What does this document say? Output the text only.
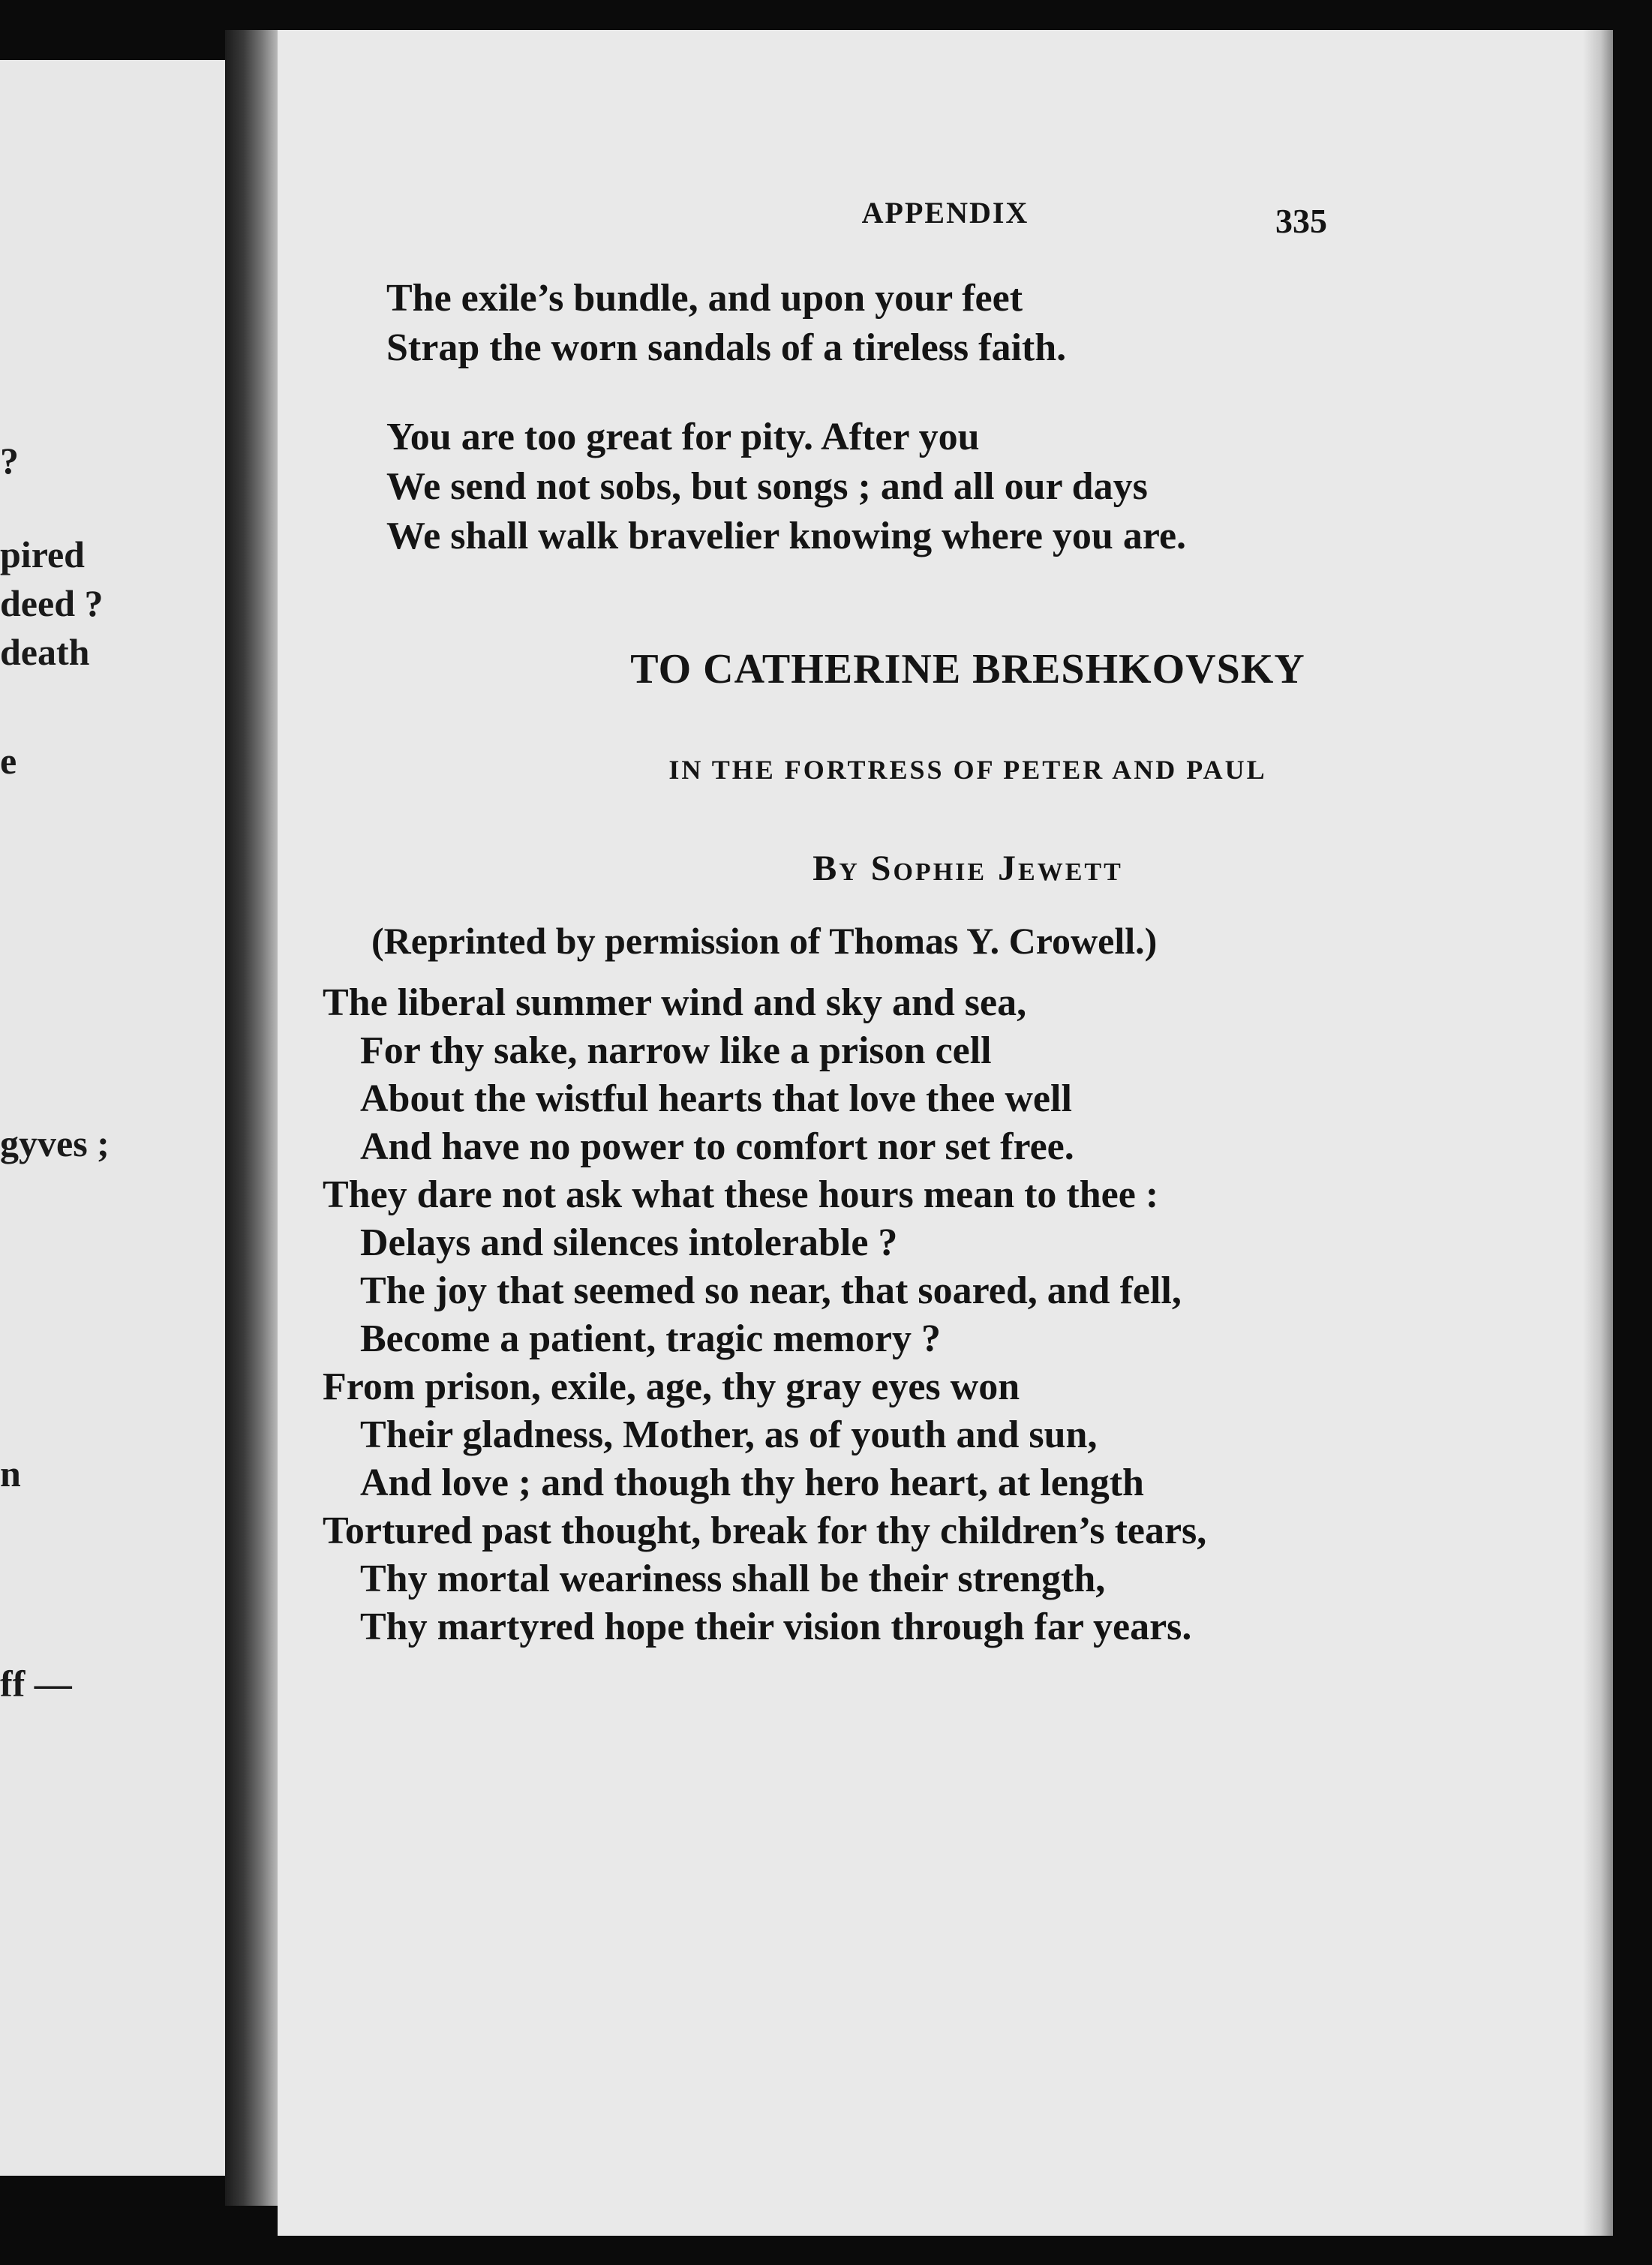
?
pired
deed ?
death
e
gyves ;
n
ff —
APPENDIX	335
The exile’s bundle, and upon your feet
Strap the worn sandals of a tireless faith.
You are too great for pity. After you
We send not sobs, but songs ; and all our days
We shall walk bravelier knowing where you are.
TO CATHERINE BRESHKOVSKY
IN THE FORTRESS OF PETER AND PAUL
By Sophie Jewett
(Reprinted by permission of Thomas Y. Crowell.)
The liberal summer wind and sky and sea,
For thy sake, narrow like a prison cell
About the wistful hearts that love thee well
And have no power to comfort nor set free.
They dare not ask what these hours mean to thee :
Delays and silences intolerable ?
The joy that seemed so near, that soared, and fell,
Become a patient, tragic memory ?
From prison, exile, age, thy gray eyes won
Their gladness, Mother, as of youth and sun,
And love ; and though thy hero heart, at length
Tortured past thought, break for thy children’s tears,
Thy mortal weariness shall be their strength,
Thy martyred hope their vision through far years.
